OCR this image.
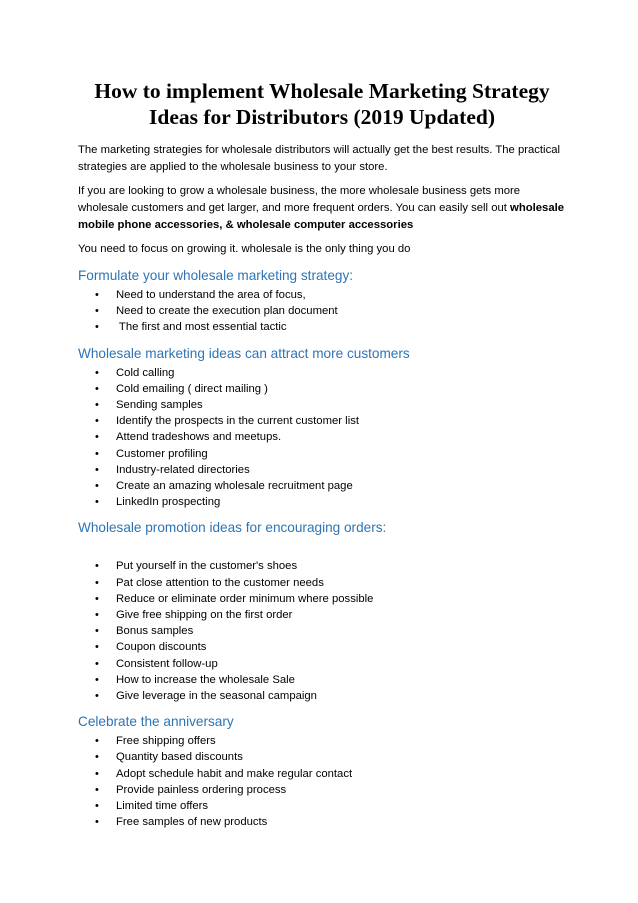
How to implement Wholesale Marketing Strategy
Ideas for Distributors (2019 Updated)

The marketing strategies for wholesale distributors will actually get the best results. The practical strategies are applied to the wholesale business to your store.

If you are looking to grow a wholesale business, the more wholesale business gets more wholesale customers and get larger, and more frequent orders. You can easily sell out wholesale mobile phone accessories, & wholesale computer accessories

You need to focus on growing it. wholesale is the only thing you do

Formulate your wholesale marketing strategy:
• Need to understand the area of focus,
• Need to create the execution plan document
• The first and most essential tactic
Wholesale marketing ideas can attract more customers
• Cold calling
• Cold emailing ( direct mailing )
• Sending samples
• Identify the prospects in the current customer list
• Attend tradeshows and meetups.
• Customer profiling
• Industry-related directories
• Create an amazing wholesale recruitment page
• LinkedIn prospecting
Wholesale promotion ideas for encouraging orders:
• Put yourself in the customer's shoes
• Pat close attention to the customer needs
• Reduce or eliminate order minimum where possible
• Give free shipping on the first order
• Bonus samples
• Coupon discounts
• Consistent follow-up
• How to increase the wholesale Sale
• Give leverage in the seasonal campaign
Celebrate the anniversary
• Free shipping offers
• Quantity based discounts
• Adopt schedule habit and make regular contact
• Provide painless ordering process
• Limited time offers
• Free samples of new products
